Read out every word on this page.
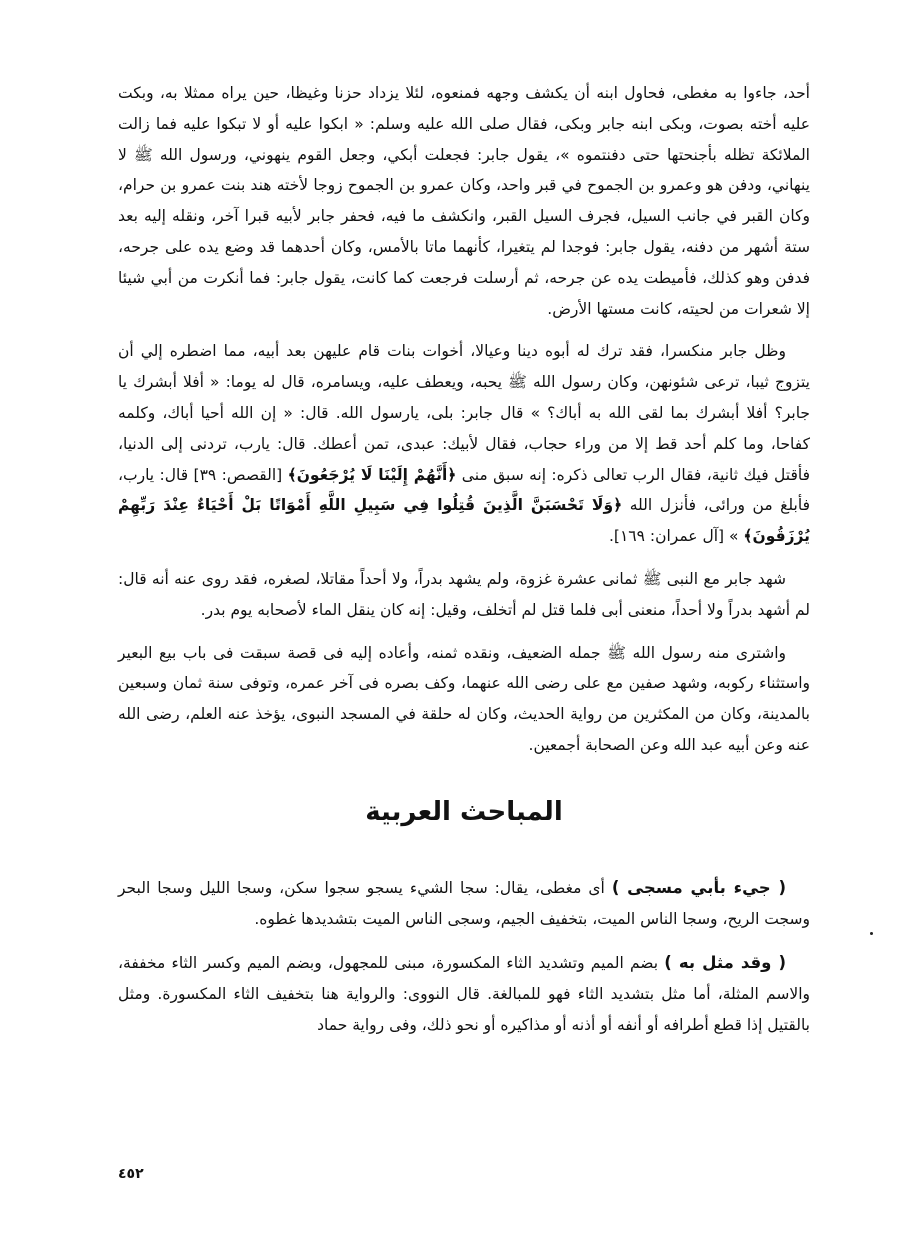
أحد، جاءوا به مغطى، فحاول ابنه أن يكشف وجهه فمنعوه، لئلا يزداد حزنا وغيظا، حين يراه ممثلا به، وبكت عليه أخته بصوت، وبكى ابنه جابر وبكى، فقال صلى الله عليه وسلم: « ابكوا عليه أو لا تبكوا عليه فما زالت الملائكة تظله بأجنحتها حتى دفنتموه »، يقول جابر: فجعلت أبكي، وجعل القوم ينهوني، ورسول الله ﷺ لا ينهاني، ودفن هو وعمرو بن الجموح في قبر واحد، وكان عمرو بن الجموح زوجا لأخته هند بنت عمرو بن حرام، وكان القبر في جانب السيل، فجرف السيل القبر، وانكشف ما فيه، فحفر جابر لأبيه قبرا آخر، ونقله إليه بعد ستة أشهر من دفنه، يقول جابر: فوجدا لم يتغيرا، كأنهما ماتا بالأمس، وكان أحدهما قد وضع يده على جرحه، فدفن وهو كذلك، فأميطت يده عن جرحه، ثم أرسلت فرجعت كما كانت، يقول جابر: فما أنكرت من أبي شيئا إلا شعرات من لحيته، كانت مستها الأرض.

وظل جابر منكسرا، فقد ترك له أبوه دينا وعيالا، أخوات بنات قام عليهن بعد أبيه، مما اضطره إلي أن يتزوج ثيبا، ترعى شئونهن، وكان رسول الله ﷺ يحبه، ويعطف عليه، ويسامره، قال له يوما: « أفلا أبشرك يا جابر؟ أفلا أبشرك بما لقى الله به أباك؟ » قال جابر: بلى، يارسول الله. قال: « إن الله أحيا أباك، وكلمه كفاحا، وما كلم أحد قط إلا من وراء حجاب، فقال لأبيك: عبدى، تمن أعطك. قال: يارب، تردنى إلى الدنيا، فأقتل فيك ثانية، فقال الرب تعالى ذكره: إنه سبق منى ﴿أَنَّهُمْ إِلَيْنَا لَا يُرْجَعُونَ﴾ [القصص: ٣٩] قال: يارب، فأبلغ من ورائى، فأنزل الله ﴿وَلَا تَحْسَبَنَّ الَّذِينَ قُتِلُوا فِي سَبِيلِ اللَّهِ أَمْوَاتًا بَلْ أَحْيَاءٌ عِنْدَ رَبِّهِمْ يُرْزَقُونَ﴾ » [آل عمران: ١٦٩].

شهد جابر مع النبى ﷺ ثمانى عشرة غزوة، ولم يشهد بدراً، ولا أحداً مقاتلا، لصغره، فقد روى عنه أنه قال: لم أشهد بدراً ولا أحداً، منعنى أبى فلما قتل لم أتخلف، وقيل: إنه كان ينقل الماء لأصحابه يوم بدر.

واشترى منه رسول الله ﷺ جمله الضعيف، ونقده ثمنه، وأعاده إليه فى قصة سبقت فى باب بيع البعير واستثناء ركوبه، وشهد صفين مع على رضى الله عنهما، وكف بصره فى آخر عمره، وتوفى سنة ثمان وسبعين بالمدينة، وكان من المكثرين من رواية الحديث، وكان له حلقة في المسجد النبوى، يؤخذ عنه العلم، رضى الله عنه وعن أبيه عبد الله وعن الصحابة أجمعين.

المباحث العربية

( جيء بأبي مسجى ) أى مغطى، يقال: سجا الشيء يسجو سجوا سكن، وسجا الليل وسجا البحر وسجت الريح، وسجا الناس الميت، بتخفيف الجيم، وسجى الناس الميت بتشديدها غطوه.

( وقد مثل به ) بضم الميم وتشديد الثاء المكسورة، مبنى للمجهول، وبضم الميم وكسر الثاء مخففة، والاسم المثلة، أما مثل بتشديد الثاء فهو للمبالغة. قال النووى: والرواية هنا بتخفيف الثاء المكسورة. ومثل بالقتيل إذا قطع أطرافه أو أنفه أو أذنه أو مذاكيره أو نحو ذلك، وفى رواية حماد

٤٥٢
